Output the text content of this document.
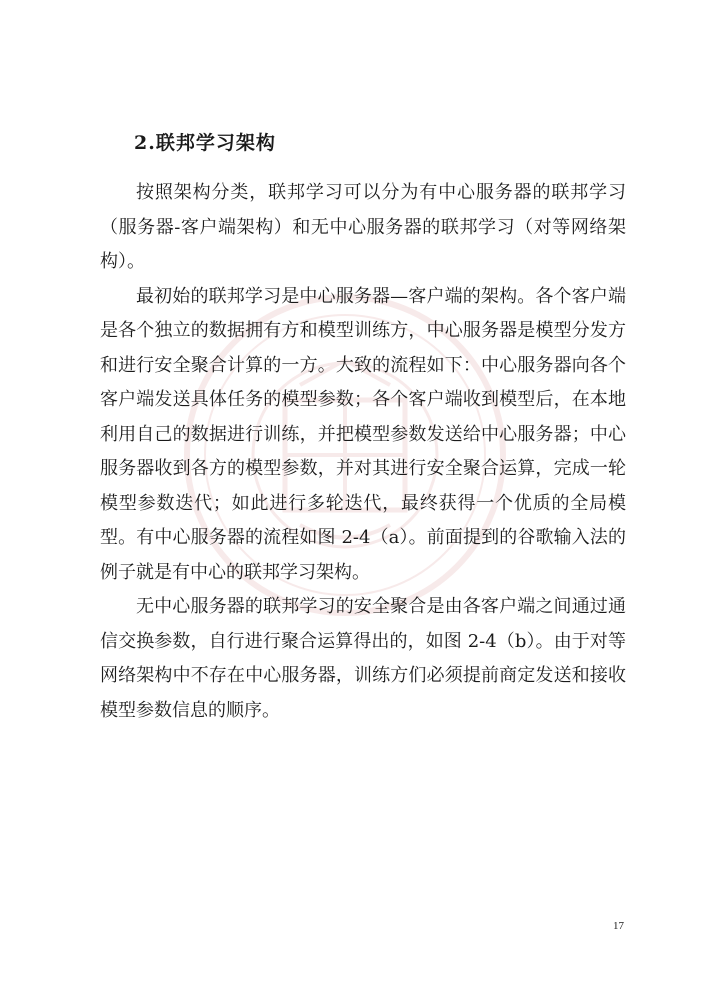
2.联邦学习架构

按照架构分类，联邦学习可以分为有中心服务器的联邦学习（服务器-客户端架构）和无中心服务器的联邦学习（对等网络架构）。

最初始的联邦学习是中心服务器—客户端的架构。各个客户端是各个独立的数据拥有方和模型训练方，中心服务器是模型分发方和进行安全聚合计算的一方。大致的流程如下：中心服务器向各个客户端发送具体任务的模型参数；各个客户端收到模型后，在本地利用自己的数据进行训练，并把模型参数发送给中心服务器；中心服务器收到各方的模型参数，并对其进行安全聚合运算，完成一轮模型参数迭代；如此进行多轮迭代，最终获得一个优质的全局模型。有中心服务器的流程如图 2-4（a）。前面提到的谷歌输入法的例子就是有中心的联邦学习架构。

无中心服务器的联邦学习的安全聚合是由各客户端之间通过通信交换参数，自行进行聚合运算得出的，如图 2-4（b）。由于对等网络架构中不存在中心服务器，训练方们必须提前商定发送和接收模型参数信息的顺序。

17
